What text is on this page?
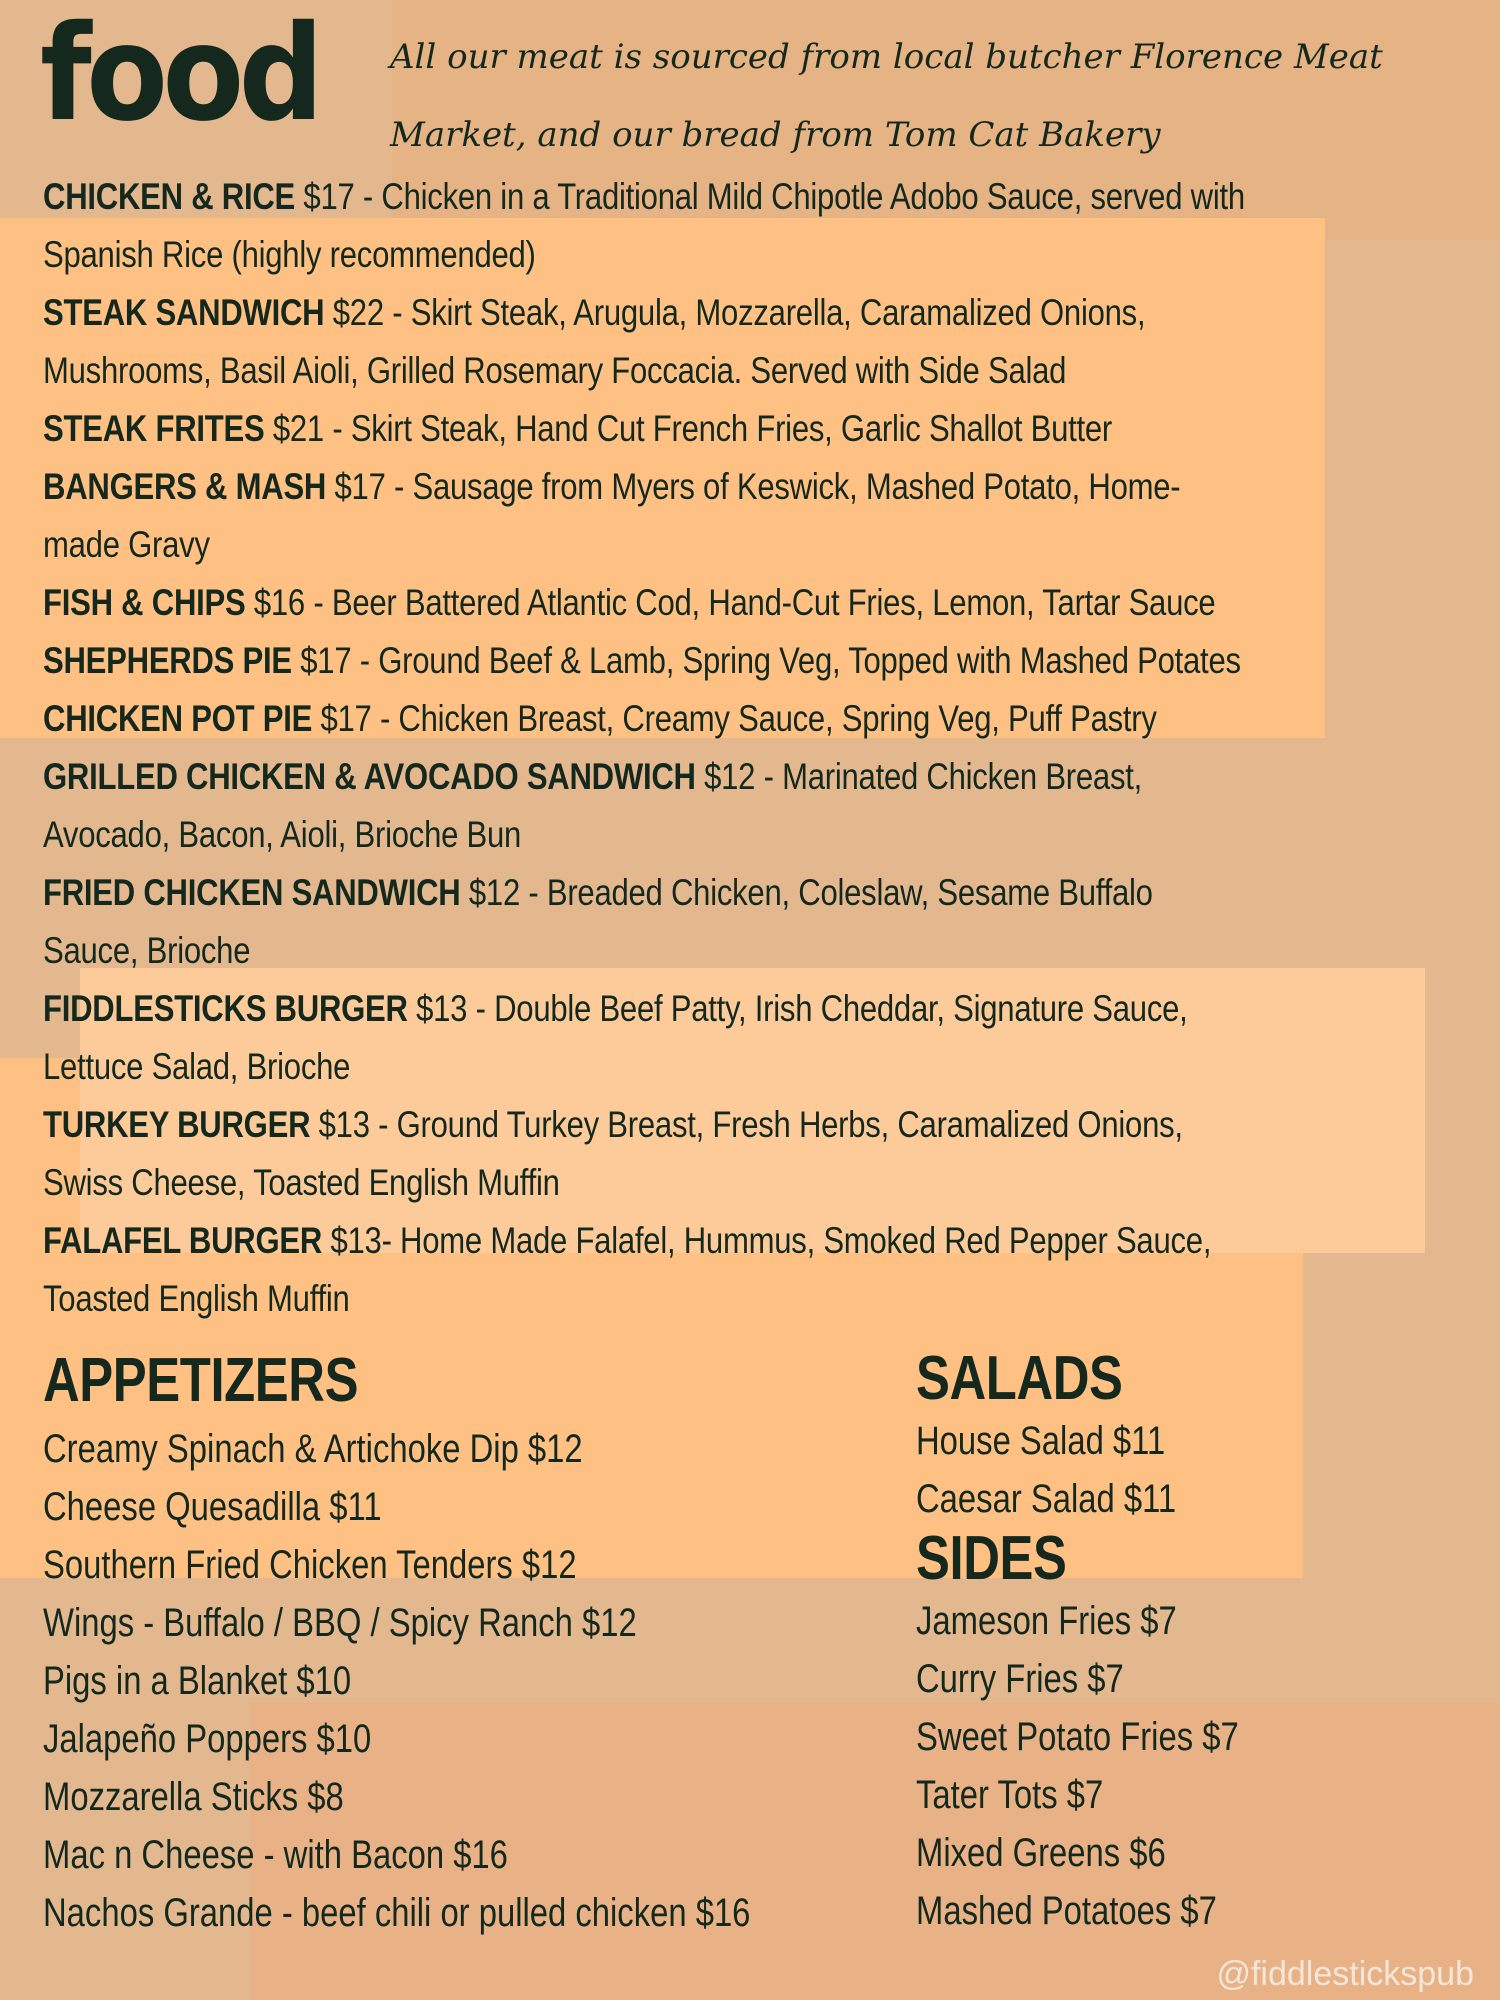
food All our meat is sourced from local butcher Florence Meat Market, and our bread from Tom Cat Bakery
CHICKEN & RICE $17 - Chicken in a Traditional Mild Chipotle Adobo Sauce, served with Spanish Rice (highly recommended)
STEAK SANDWICH $22 - Skirt Steak, Arugula, Mozzarella, Caramalized Onions, Mushrooms, Basil Aioli, Grilled Rosemary Foccacia. Served with Side Salad
STEAK FRITES $21 - Skirt Steak, Hand Cut French Fries, Garlic Shallot Butter
BANGERS & MASH $17 - Sausage from Myers of Keswick, Mashed Potato, Home-made Gravy
FISH & CHIPS $16 - Beer Battered Atlantic Cod, Hand-Cut Fries, Lemon, Tartar Sauce
SHEPHERDS PIE $17 - Ground Beef & Lamb, Spring Veg, Topped with Mashed Potates
CHICKEN POT PIE $17 - Chicken Breast, Creamy Sauce, Spring Veg, Puff Pastry
GRILLED CHICKEN & AVOCADO SANDWICH $12 - Marinated Chicken Breast, Avocado, Bacon, Aioli, Brioche Bun
FRIED CHICKEN SANDWICH $12 - Breaded Chicken, Coleslaw, Sesame Buffalo Sauce, Brioche
FIDDLESTICKS BURGER $13 - Double Beef Patty, Irish Cheddar, Signature Sauce, Lettuce Salad, Brioche
TURKEY BURGER $13 - Ground Turkey Breast, Fresh Herbs, Caramalized Onions, Swiss Cheese, Toasted English Muffin
FALAFEL BURGER $13- Home Made Falafel, Hummus, Smoked Red Pepper Sauce, Toasted English Muffin
APPETIZERS
Creamy Spinach & Artichoke Dip $12
Cheese Quesadilla $11
Southern Fried Chicken Tenders $12
Wings - Buffalo / BBQ / Spicy Ranch $12
Pigs in a Blanket $10
Jalapeño Poppers $10
Mozzarella Sticks $8
Mac n Cheese - with Bacon $16
Nachos Grande - beef chili or pulled chicken $16
SALADS
House Salad $11
Caesar Salad $11
SIDES
Jameson Fries $7
Curry Fries $7
Sweet Potato Fries $7
Tater Tots $7
Mixed Greens $6
Mashed Potatoes $7
@fiddlestickspub
